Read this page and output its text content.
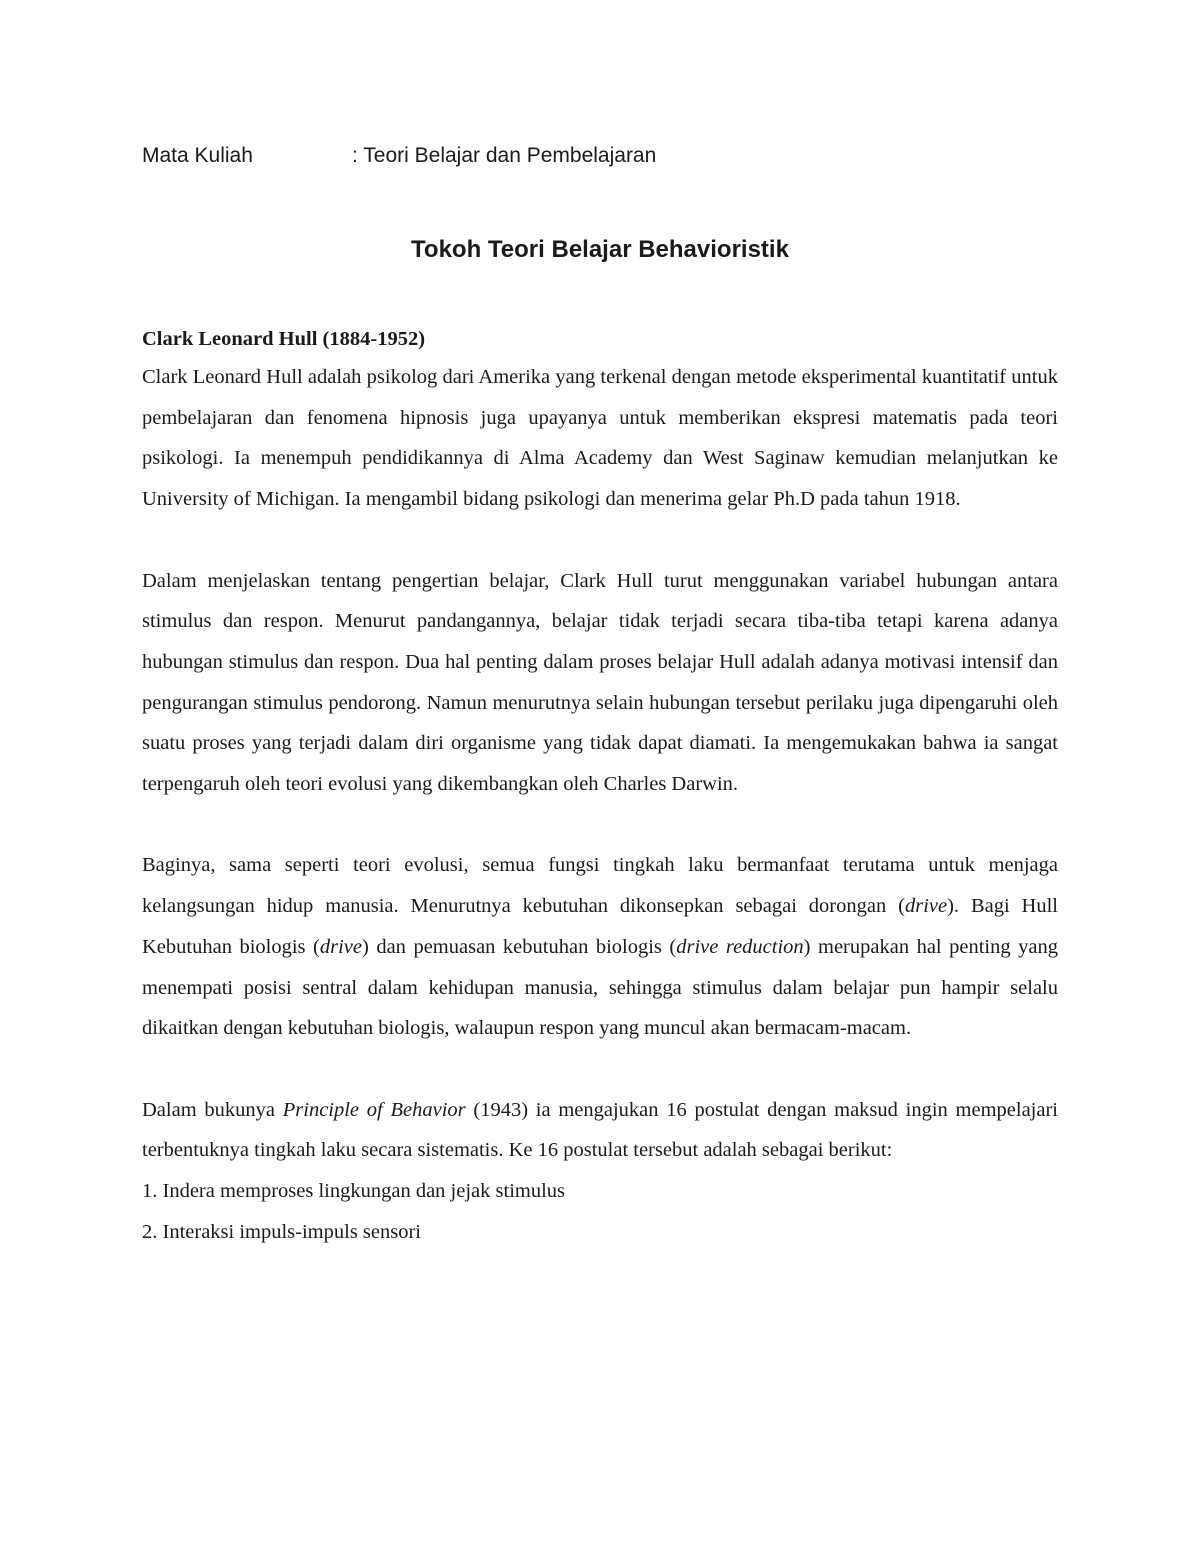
Mata Kuliah	: Teori Belajar dan Pembelajaran
Tokoh Teori Belajar Behavioristik
Clark Leonard Hull (1884-1952)

Clark Leonard Hull adalah psikolog dari Amerika yang terkenal dengan metode eksperimental kuantitatif untuk pembelajaran dan fenomena hipnosis juga upayanya untuk memberikan ekspresi matematis pada teori psikologi. Ia menempuh pendidikannya di Alma Academy dan West Saginaw kemudian melanjutkan ke University of Michigan. Ia mengambil bidang psikologi dan menerima gelar Ph.D pada tahun 1918.

Dalam menjelaskan tentang pengertian belajar, Clark Hull turut menggunakan variabel hubungan antara stimulus dan respon. Menurut pandangannya, belajar tidak terjadi secara tiba-tiba tetapi karena adanya hubungan stimulus dan respon. Dua hal penting dalam proses belajar Hull adalah adanya motivasi intensif dan pengurangan stimulus pendorong. Namun menurutnya selain hubungan tersebut perilaku juga dipengaruhi oleh suatu proses yang terjadi dalam diri organisme yang tidak dapat diamati. Ia mengemukakan bahwa ia sangat terpengaruh oleh teori evolusi yang dikembangkan oleh Charles Darwin.

Baginya, sama seperti teori evolusi, semua fungsi tingkah laku bermanfaat terutama untuk menjaga kelangsungan hidup manusia. Menurutnya kebutuhan dikonsepkan sebagai dorongan (drive). Bagi Hull Kebutuhan biologis (drive) dan pemuasan kebutuhan biologis (drive reduction) merupakan hal penting yang menempati posisi sentral dalam kehidupan manusia, sehingga stimulus dalam belajar pun hampir selalu dikaitkan dengan kebutuhan biologis, walaupun respon yang muncul akan bermacam-macam.

Dalam bukunya Principle of Behavior (1943) ia mengajukan 16 postulat dengan maksud ingin mempelajari terbentuknya tingkah laku secara sistematis. Ke 16 postulat tersebut adalah sebagai berikut:

1. Indera memproses lingkungan dan jejak stimulus
2. Interaksi impuls-impuls sensori
